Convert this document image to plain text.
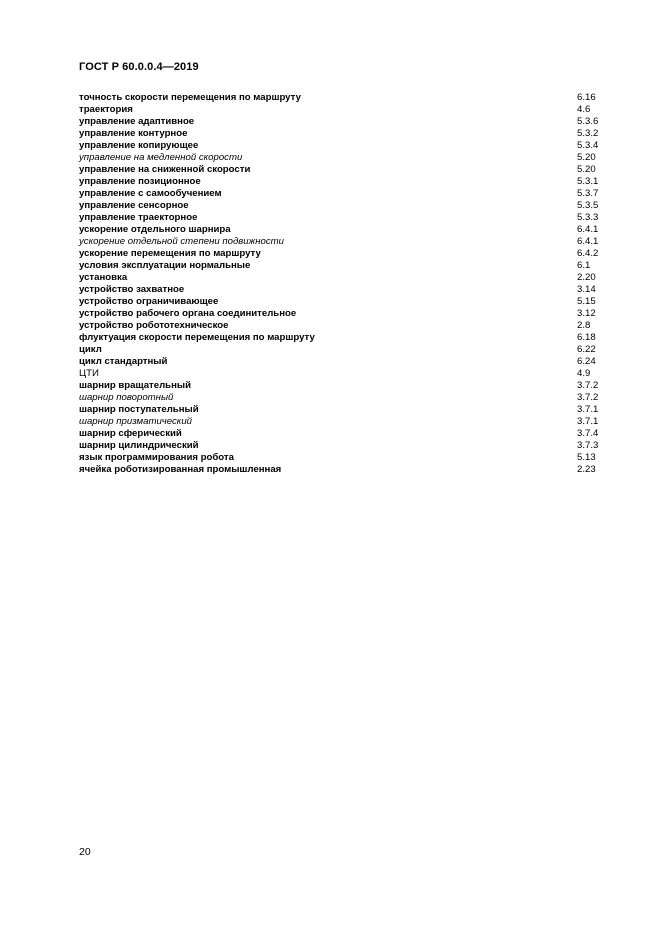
ГОСТ Р 60.0.0.4—2019
точность скорости перемещения по маршруту	6.16
траектория	4.6
управление адаптивное	5.3.6
управление контурное	5.3.2
управление копирующее	5.3.4
управление на медленной скорости	5.20
управление на сниженной скорости	5.20
управление позиционное	5.3.1
управление с самообучением	5.3.7
управление сенсорное	5.3.5
управление траекторное	5.3.3
ускорение отдельного шарнира	6.4.1
ускорение отдельной степени подвижности	6.4.1
ускорение перемещения по маршруту	6.4.2
условия эксплуатации нормальные	6.1
установка	2.20
устройство захватное	3.14
устройство ограничивающее	5.15
устройство рабочего органа соединительное	3.12
устройство робототехническое	2.8
флуктуация скорости перемещения по маршруту	6.18
цикл	6.22
цикл стандартный	6.24
ЦТИ	4.9
шарнир вращательный	3.7.2
шарнир поворотный	3.7.2
шарнир поступательный	3.7.1
шарнир призматический	3.7.1
шарнир сферический	3.7.4
шарнир цилиндрический	3.7.3
язык программирования робота	5.13
ячейка роботизированная промышленная	2.23
20
